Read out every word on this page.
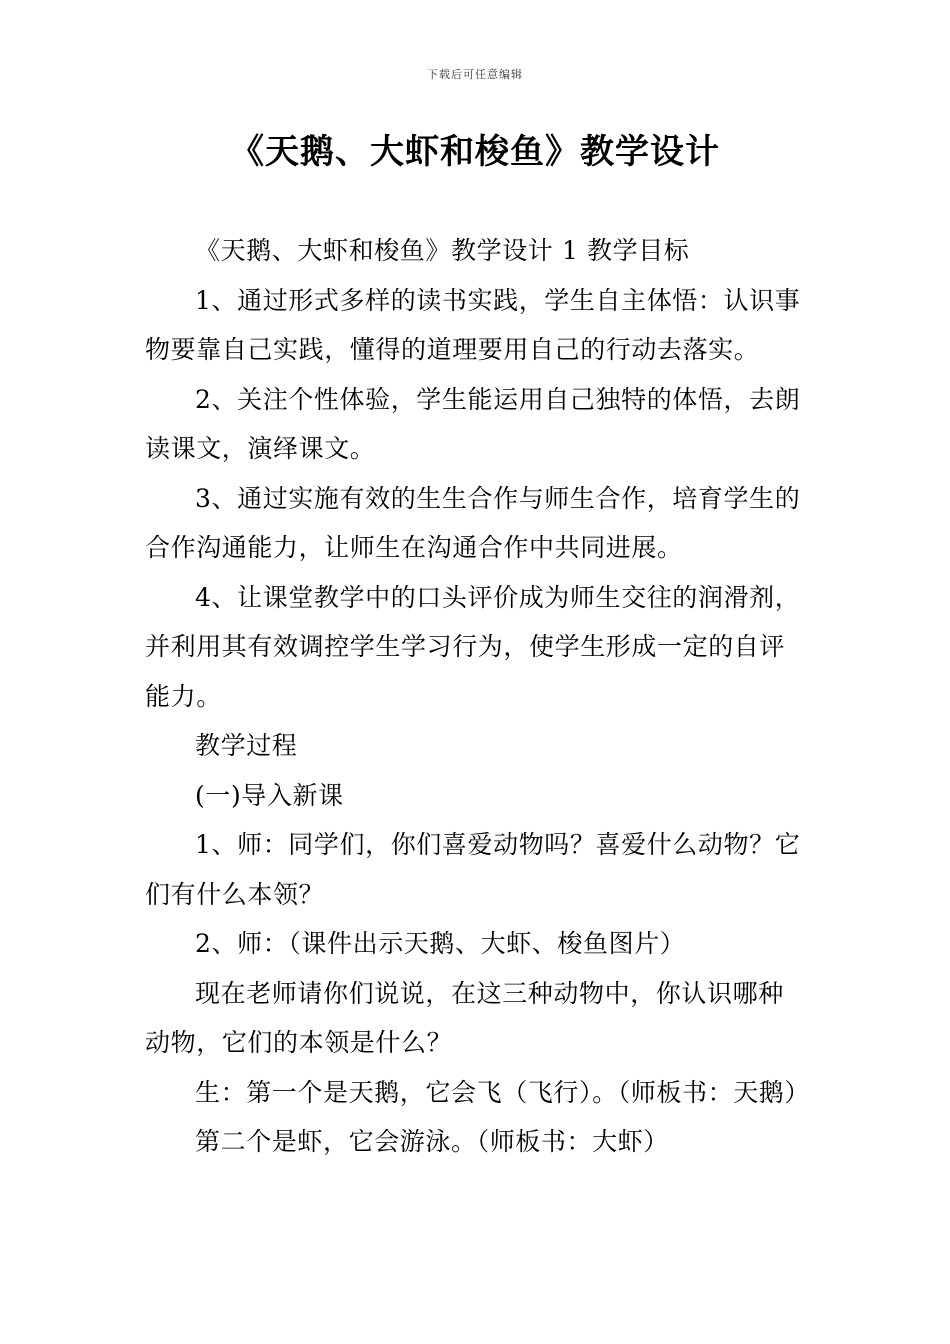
下载后可任意编辑
《天鹅、大虾和梭鱼》教学设计

《天鹅、大虾和梭鱼》教学设计 1 教学目标

1、通过形式多样的读书实践，学生自主体悟：认识事物要靠自己实践，懂得的道理要用自己的行动去落实。

2、关注个性体验，学生能运用自己独特的体悟，去朗读课文，演绎课文。

3、通过实施有效的生生合作与师生合作，培育学生的合作沟通能力，让师生在沟通合作中共同进展。

4、让课堂教学中的口头评价成为师生交往的润滑剂，并利用其有效调控学生学习行为，使学生形成一定的自评能力。

教学过程

(一)导入新课

1、师：同学们，你们喜爱动物吗？喜爱什么动物？它们有什么本领？

2、师：（课件出示天鹅、大虾、梭鱼图片）

现在老师请你们说说，在这三种动物中，你认识哪种动物，它们的本领是什么？

生：第一个是天鹅，它会飞（飞行）。（师板书：天鹅）

第二个是虾，它会游泳。（师板书：大虾）
